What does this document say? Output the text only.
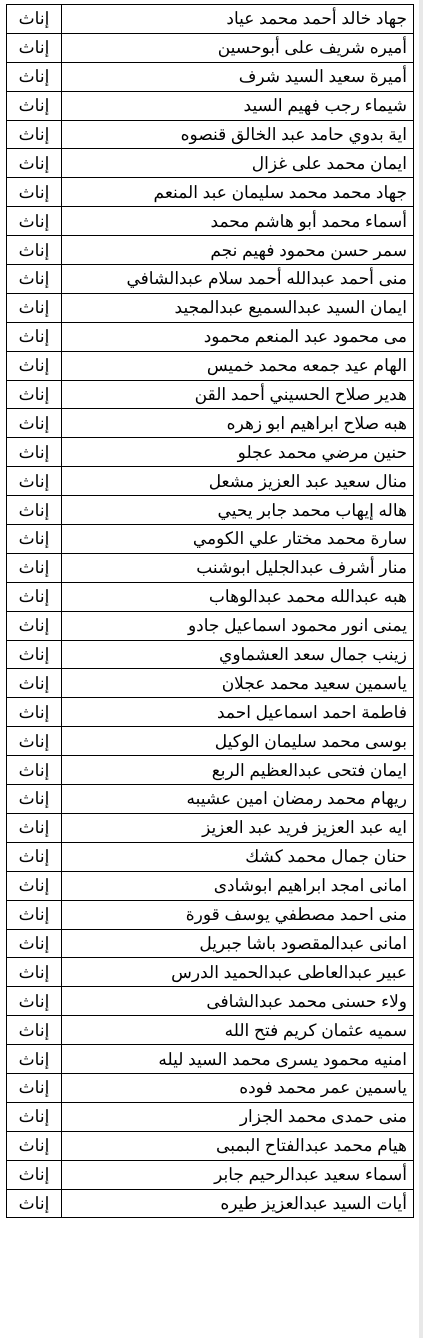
إناث	جهاد خالد أحمد محمد عياد
إناث	أميره شريف على أبوحسين
إناث	أميرة سعيد السيد شرف
إناث	شيماء رجب فهيم السيد
إناث	اية بدوي حامد عبد الخالق قنصوه
إناث	ايمان محمد على غزال
إناث	جهاد محمد محمد سليمان عبد المنعم
إناث	أسماء محمد أبو هاشم محمد
إناث	سمر حسن محمود فهيم نجم
إناث	منى أحمد عبدالله أحمد سلام عبدالشافي
إناث	ايمان السيد عبدالسميع عبدالمجيد
إناث	مى محمود عبد المنعم محمود
إناث	الهام عيد جمعه محمد خميس
إناث	هدير صلاح الحسيني أحمد القن
إناث	هبه صلاح ابراهيم ابو زهره
إناث	حنين مرضي محمد عجلو
إناث	منال سعيد عبد العزيز مشعل
إناث	هاله إيهاب محمد جابر يحيي
إناث	سارة محمد مختار علي الكومي
إناث	منار أشرف عبدالجليل ابوشنب
إناث	هبه عبدالله محمد عبدالوهاب
إناث	يمنى انور محمود اسماعيل جادو
إناث	زينب جمال سعد العشماوي
إناث	ياسمين سعيد محمد عجلان
إناث	فاطمة احمد اسماعيل احمد
إناث	بوسى محمد سليمان الوكيل
إناث	ايمان فتحى عبدالعظيم الربع
إناث	ريهام محمد رمضان امين عشيبه
إناث	ايه عبد العزيز فريد عبد العزيز
إناث	حنان جمال محمد كشك
إناث	امانى امجد ابراهيم ابوشادى
إناث	منى احمد مصطفي يوسف قورة
إناث	امانى عبدالمقصود باشا جبريل
إناث	عبير عبدالعاطى عبدالحميد الدرس
إناث	ولاء حسنى محمد عبدالشافى
إناث	سميه عثمان كريم فتح الله
إناث	امنيه محمود يسرى محمد السيد ليله
إناث	ياسمين عمر محمد فوده
إناث	منى حمدى محمد الجزار
إناث	هيام محمد عبدالفتاح البمبى
إناث	أسماء سعيد عبدالرحيم جابر
إناث	أيات السيد عبدالعزيز طيره
